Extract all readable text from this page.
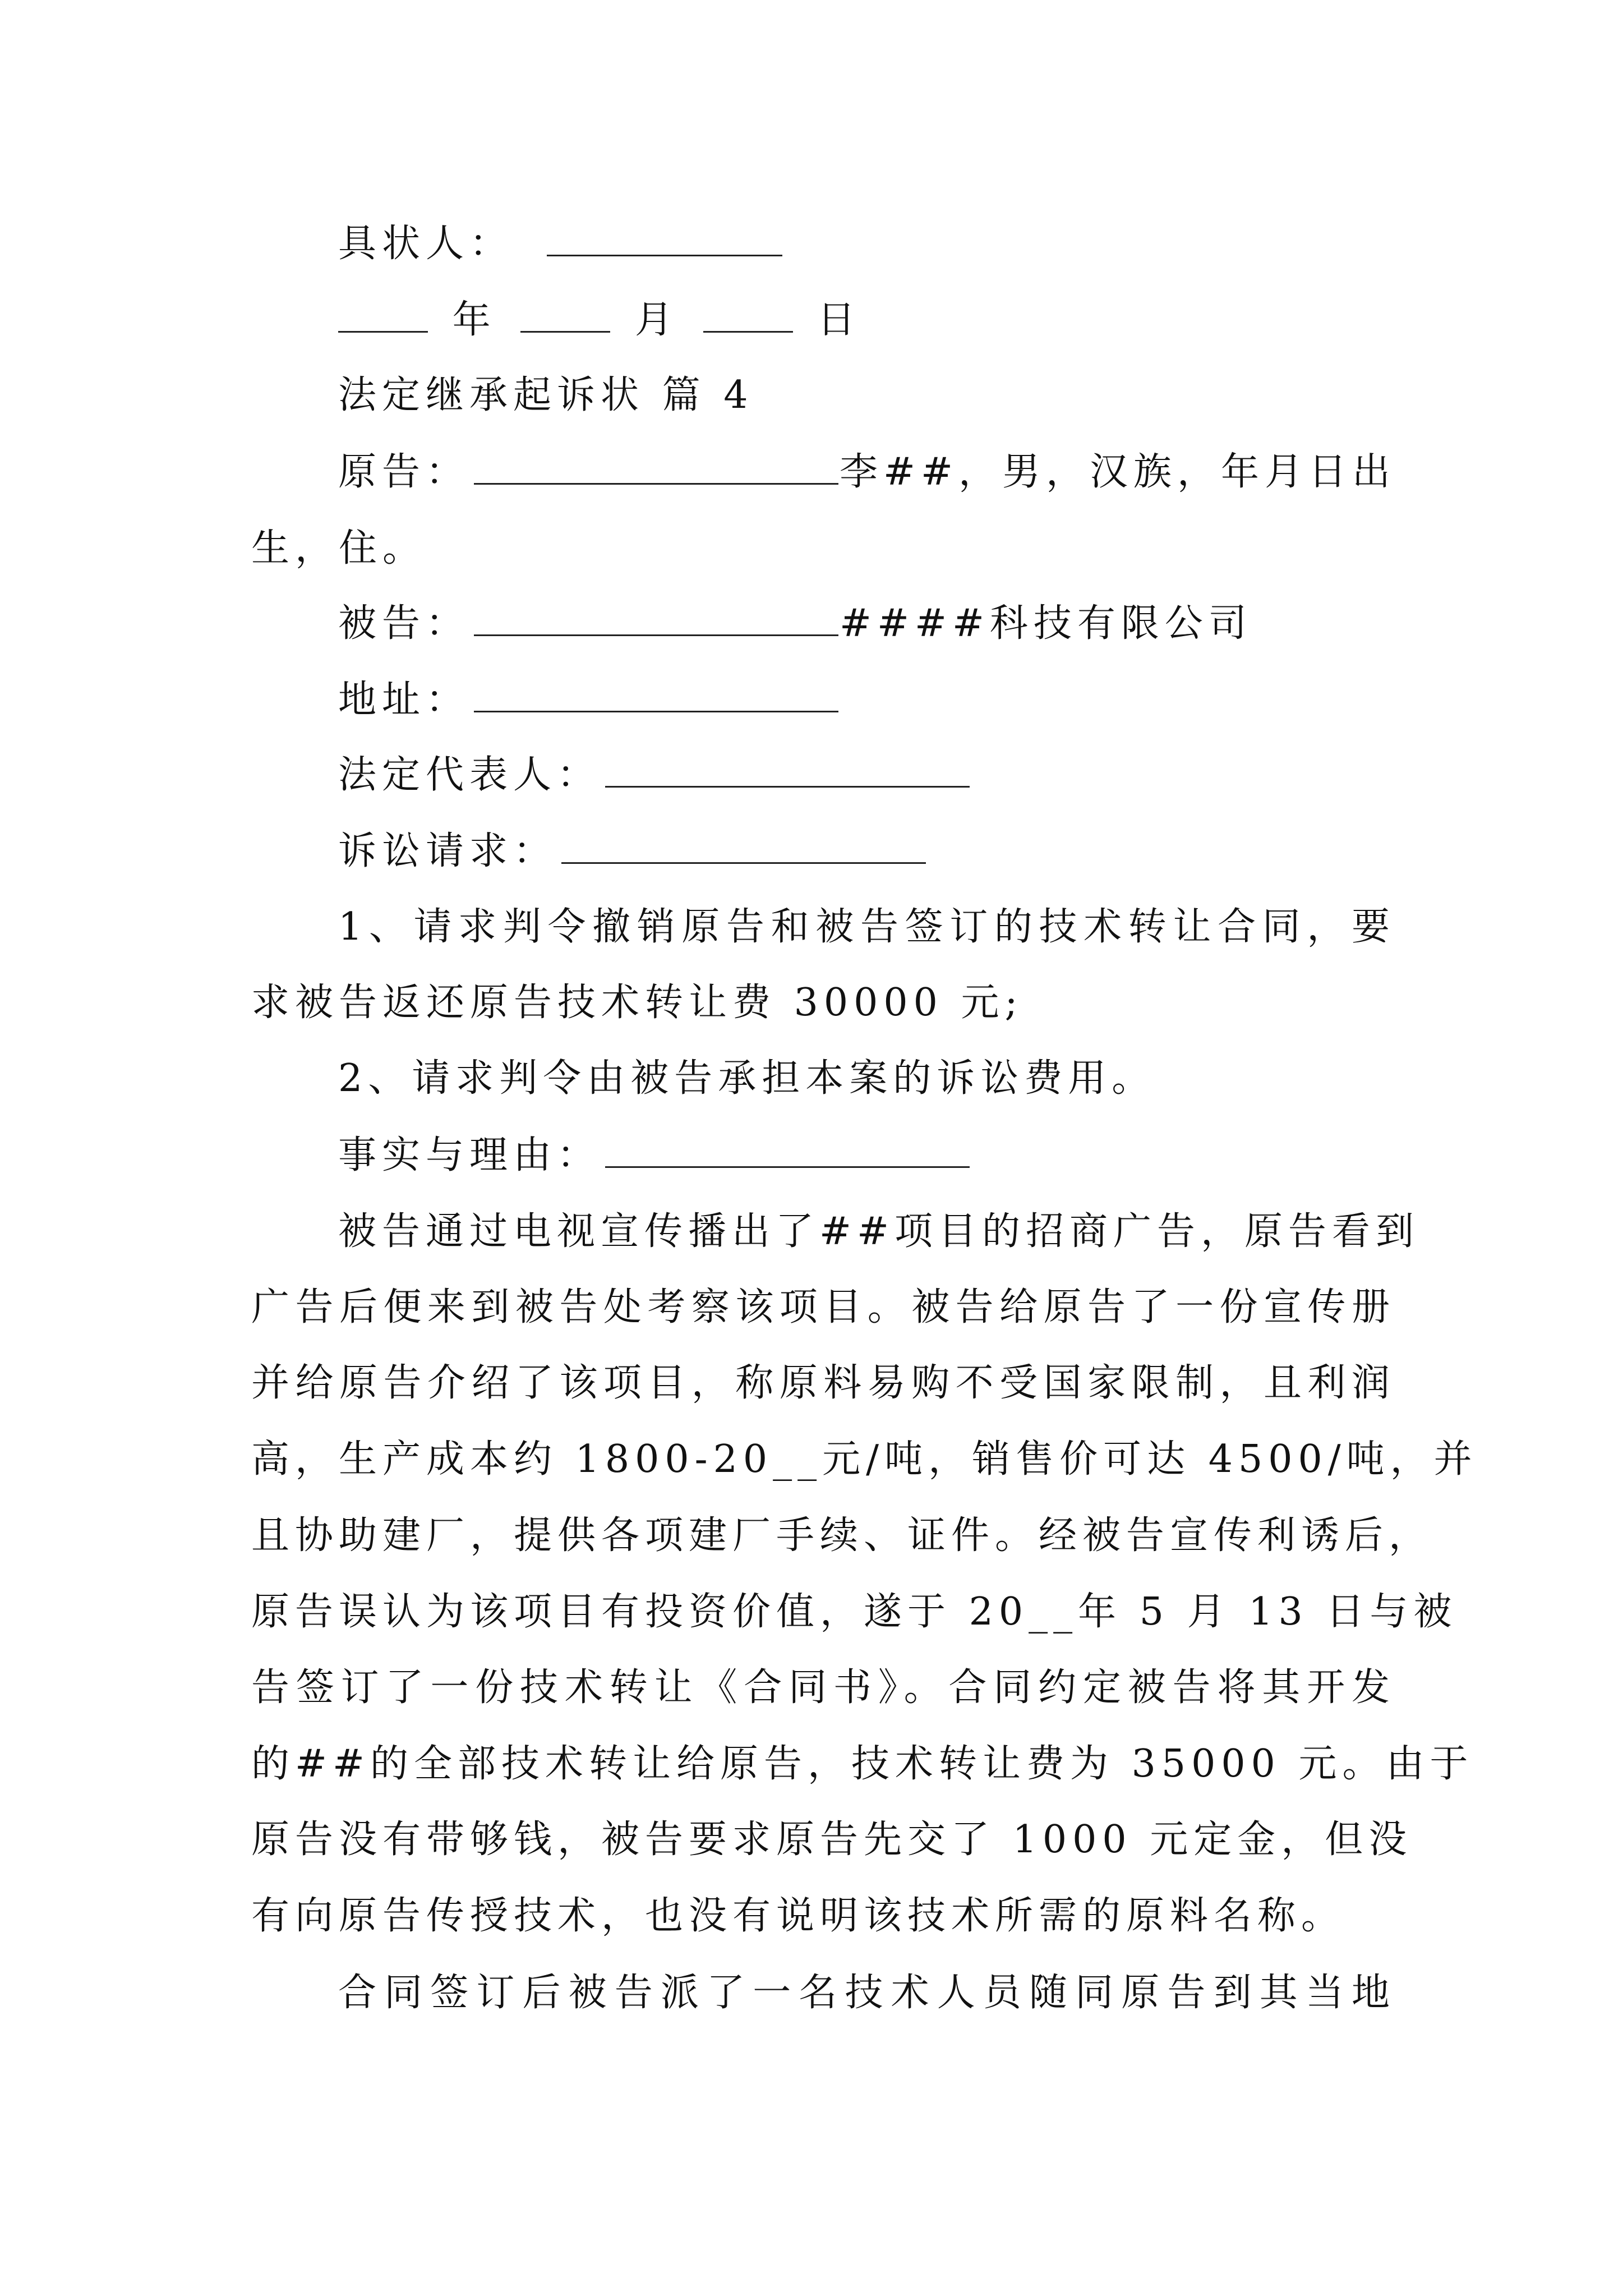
具状人：
年	月	日
法定继承起诉状 篇 4
原告：	李##，男，汉族，年月日出
生，住。
被告：	####科技有限公司
地址：
法定代表人：
诉讼请求：
1、请求判令撤销原告和被告签订的技术转让合同，要
求被告返还原告技术转让费 30000 元;
2、请求判令由被告承担本案的诉讼费用。
事实与理由：
被告通过电视宣传播出了##项目的招商广告，原告看到
广告后便来到被告处考察该项目。被告给原告了一份宣传册
并给原告介绍了该项目，称原料易购不受国家限制，且利润
高，生产成本约 1800-20__元/吨，销售价可达 4500/吨，并
且协助建厂，提供各项建厂手续、证件。经被告宣传利诱后，
原告误认为该项目有投资价值，遂于 20__年 5 月 13 日与被
告签订了一份技术转让《合同书》。合同约定被告将其开发
的##的全部技术转让给原告，技术转让费为 35000 元。由于
原告没有带够钱，被告要求原告先交了 1000 元定金，但没
有向原告传授技术，也没有说明该技术所需的原料名称。
合同签订后被告派了一名技术人员随同原告到其当地
